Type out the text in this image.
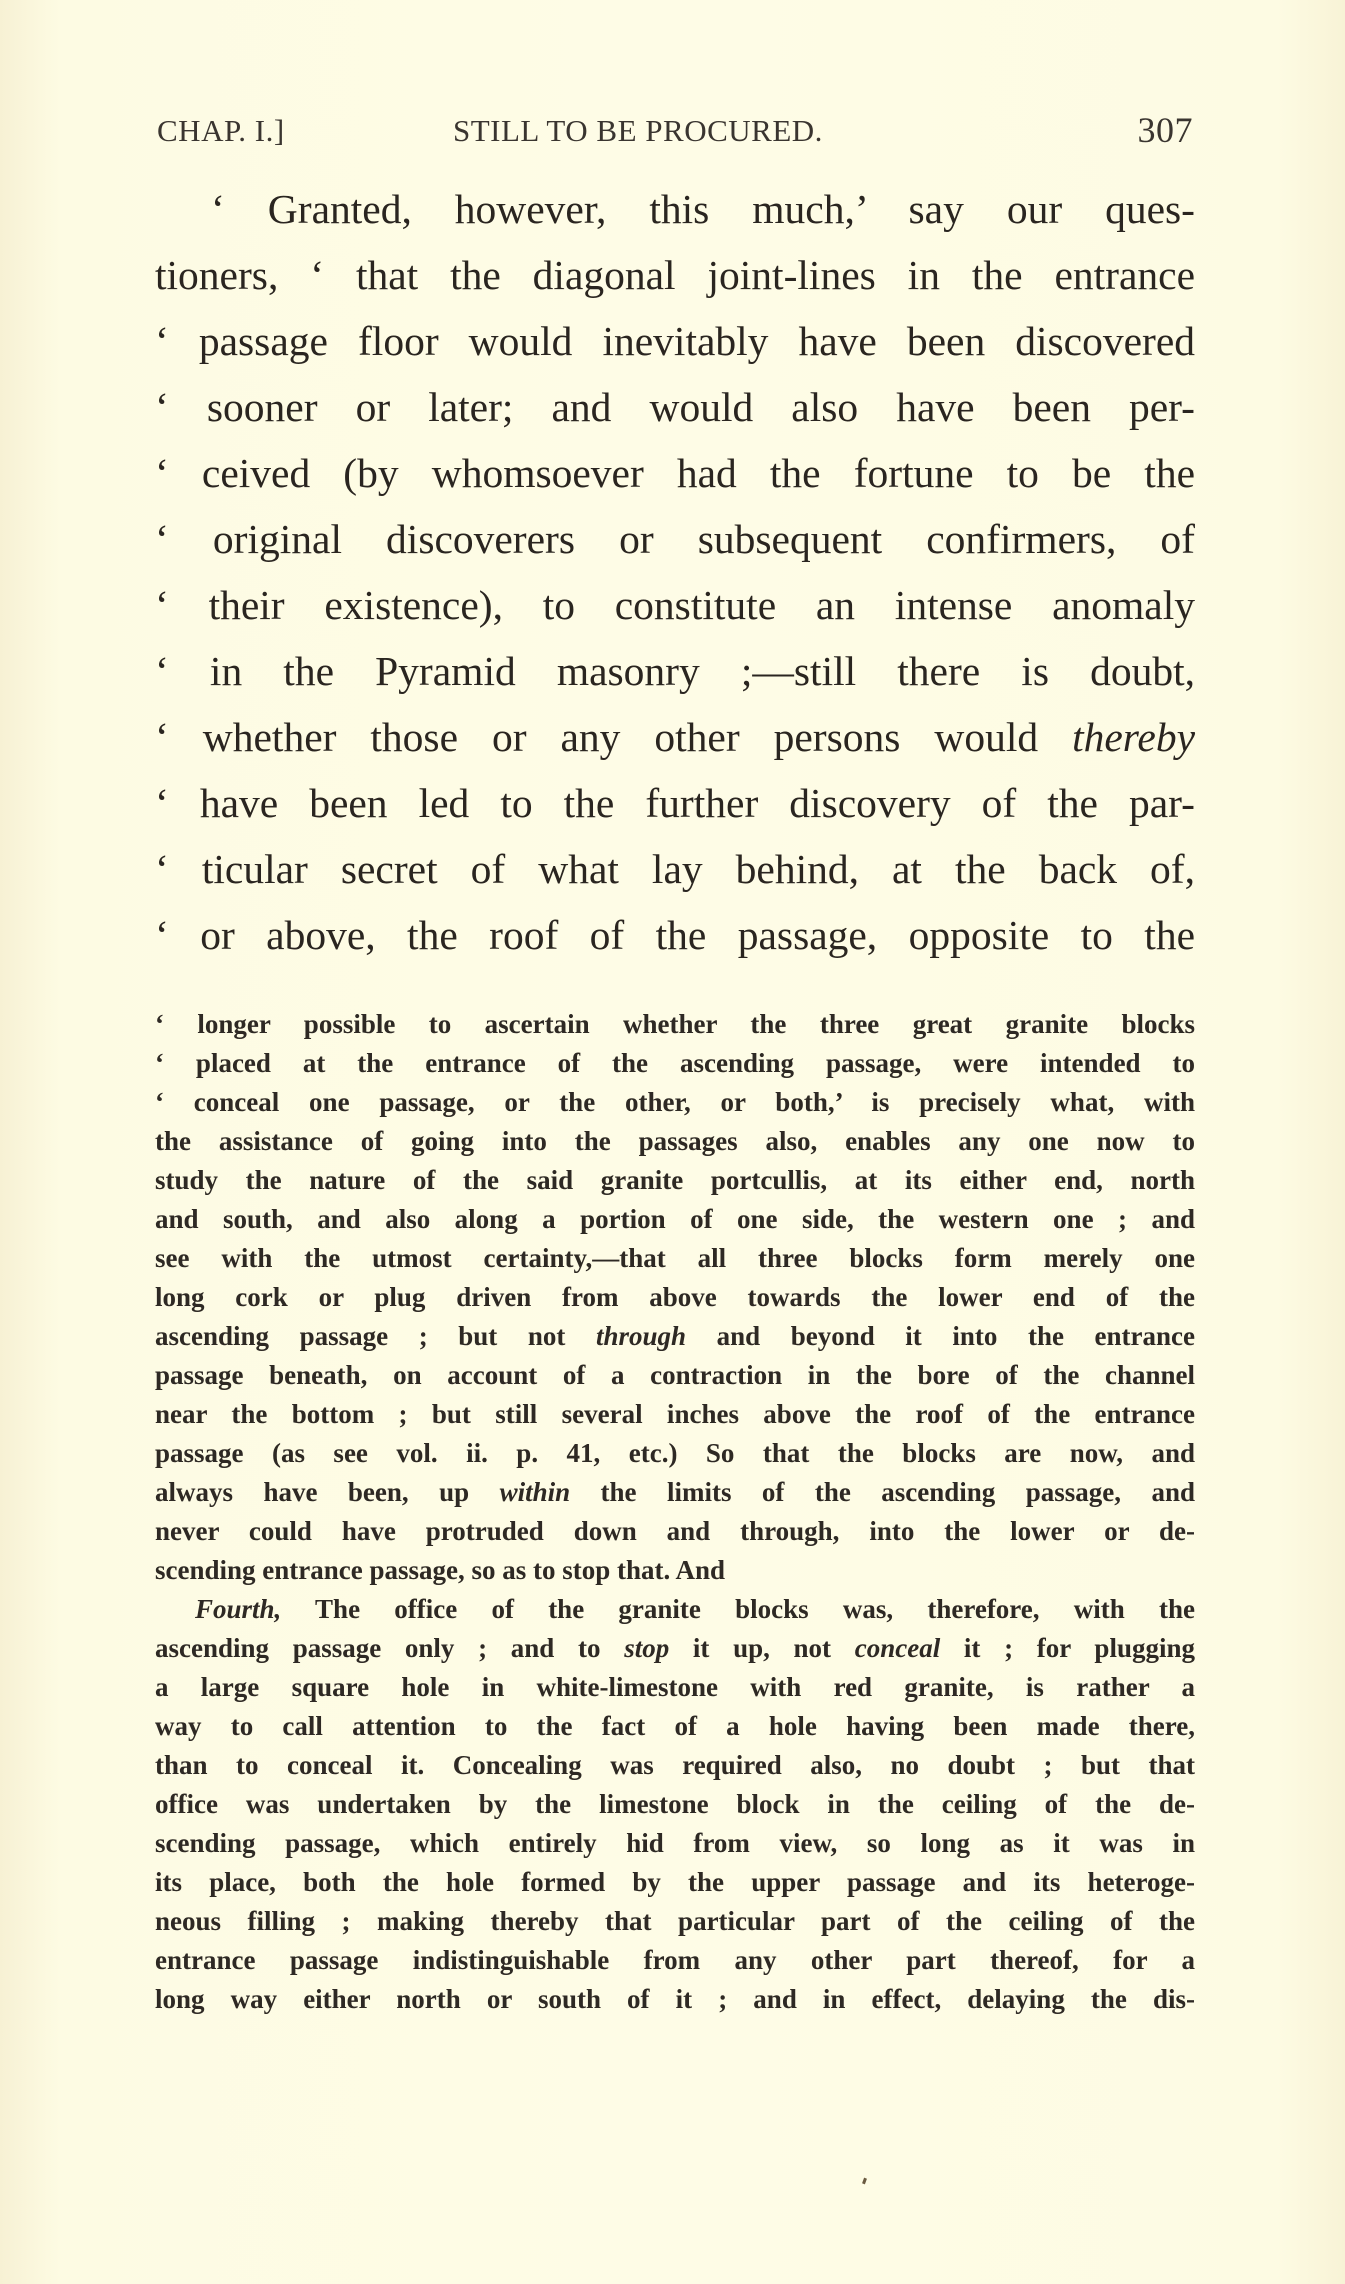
CHAP. I.]	STILL TO BE PROCURED.	307
‘ Granted, however, this much,’ say our ques-
tioners, ‘ that the diagonal joint-lines in the entrance
‘ passage floor would inevitably have been discovered
‘ sooner or later; and would also have been per-
‘ ceived (by whomsoever had the fortune to be the
‘ original discoverers or subsequent confirmers, of
‘ their existence), to constitute an intense anomaly
‘ in the Pyramid masonry ;—still there is doubt,
‘ whether those or any other persons would thereby
‘ have been led to the further discovery of the par-
‘ ticular secret of what lay behind, at the back of,
‘ or above, the roof of the passage, opposite to the
‘ longer possible to ascertain whether the three great granite blocks
‘ placed at the entrance of the ascending passage, were intended to
‘ conceal one passage, or the other, or both,’ is precisely what, with
the assistance of going into the passages also, enables any one now to
study the nature of the said granite portcullis, at its either end, north
and south, and also along a portion of one side, the western one ; and
see with the utmost certainty,—that all three blocks form merely one
long cork or plug driven from above towards the lower end of the
ascending passage ; but not through and beyond it into the entrance
passage beneath, on account of a contraction in the bore of the channel
near the bottom ; but still several inches above the roof of the entrance
passage (as see vol. ii. p. 41, etc.) So that the blocks are now, and
always have been, up within the limits of the ascending passage, and
never could have protruded down and through, into the lower or de-
scending entrance passage, so as to stop that. And
Fourth, The office of the granite blocks was, therefore, with the
ascending passage only ; and to stop it up, not conceal it ; for plugging
a large square hole in white-limestone with red granite, is rather a
way to call attention to the fact of a hole having been made there,
than to conceal it. Concealing was required also, no doubt ; but that
office was undertaken by the limestone block in the ceiling of the de-
scending passage, which entirely hid from view, so long as it was in
its place, both the hole formed by the upper passage and its heteroge-
neous filling ; making thereby that particular part of the ceiling of the
entrance passage indistinguishable from any other part thereof, for a
long way either north or south of it ; and in effect, delaying the dis-
